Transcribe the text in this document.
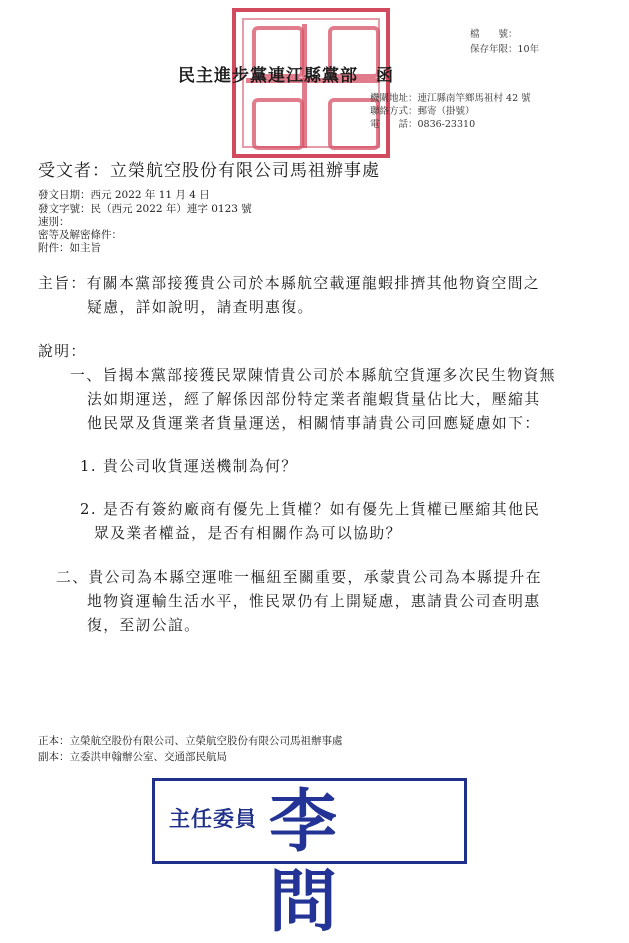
檔　　號：
保存年限：10年
民主進步黨連江縣黨部　函
機關地址：連江縣南竿鄉馬祖村 42 號
聯絡方式：郵寄（掛號）
電　　話：0836-23310
受文者：立榮航空股份有限公司馬祖辦事處
發文日期：西元 2022 年 11 月 4 日
發文字號：民（西元 2022 年）連字 0123 號
速別：
密等及解密條件：
附件：如主旨
主旨：有關本黨部接獲貴公司於本縣航空載運龍蝦排擠其他物資空間之
疑慮，詳如說明，請查明惠復。
說明：
一、旨揭本黨部接獲民眾陳情貴公司於本縣航空貨運多次民生物資無
法如期運送，經了解係因部份特定業者龍蝦貨量佔比大，壓縮其
他民眾及貨運業者貨量運送，相關情事請貴公司回應疑慮如下：
1. 貴公司收貨運送機制為何？
2. 是否有簽約廠商有優先上貨權？如有優先上貨權已壓縮其他民
眾及業者權益，是否有相關作為可以協助？
二、貴公司為本縣空運唯一樞紐至關重要，承蒙貴公司為本縣提升在
地物資運輸生活水平，惟民眾仍有上開疑慮，惠請貴公司查明惠
復，至訒公誼。
正本：立榮航空股份有限公司、立榮航空股份有限公司馬祖辦事處
副本：立委洪申翰辦公室、交通部民航局
主任委員 李問
